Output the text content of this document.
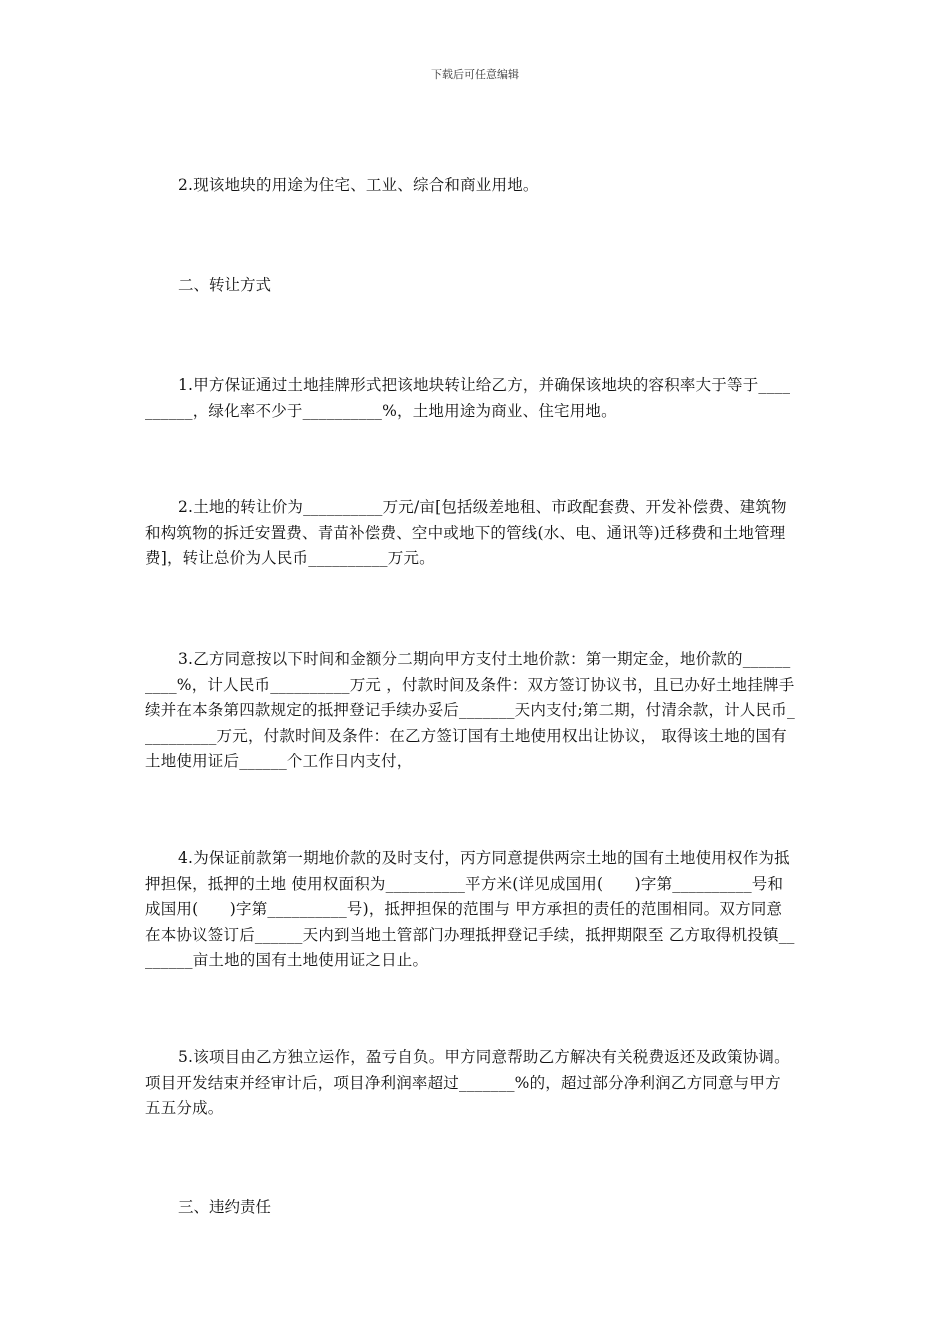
下载后可任意编辑
2.现该地块的用途为住宅、工业、综合和商业用地。
二、转让方式
1.甲方保证通过土地挂牌形式把该地块转让给乙方，并确保该地块的容积率大于等于__________，绿化率不少于__________%，土地用途为商业、住宅用地。
2.土地的转让价为__________万元/亩[包括级差地租、市政配套费、开发补偿费、建筑物和构筑物的拆迁安置费、青苗补偿费、空中或地下的管线(水、电、通讯等)迁移费和土地管理费]，转让总价为人民币__________万元。
3.乙方同意按以下时间和金额分二期向甲方支付土地价款：第一期定金，地价款的__________%，计人民币__________万元 ，付款时间及条件：双方签订协议书，且已办好土地挂牌手续并在本条第四款规定的抵押登记手续办妥后_______天内支付;第二期，付清余款，计人民币__________万元，付款时间及条件：在乙方签订国有土地使用权出让协议， 取得该土地的国有土地使用证后______个工作日内支付，
4.为保证前款第一期地价款的及时支付，丙方同意提供两宗土地的国有土地使用权作为抵押担保，抵押的土地 使用权面积为__________平方米(详见成国用(　　)字第__________号和成国用(　　)字第__________号)，抵押担保的范围与 甲方承担的责任的范围相同。双方同意在本协议签订后______天内到当地土管部门办理抵押登记手续，抵押期限至 乙方取得机投镇________亩土地的国有土地使用证之日止。
5.该项目由乙方独立运作，盈亏自负。甲方同意帮助乙方解决有关税费返还及政策协调。项目开发结束并经审计后，项目净利润率超过_______%的，超过部分净利润乙方同意与甲方五五分成。
三、违约责任
